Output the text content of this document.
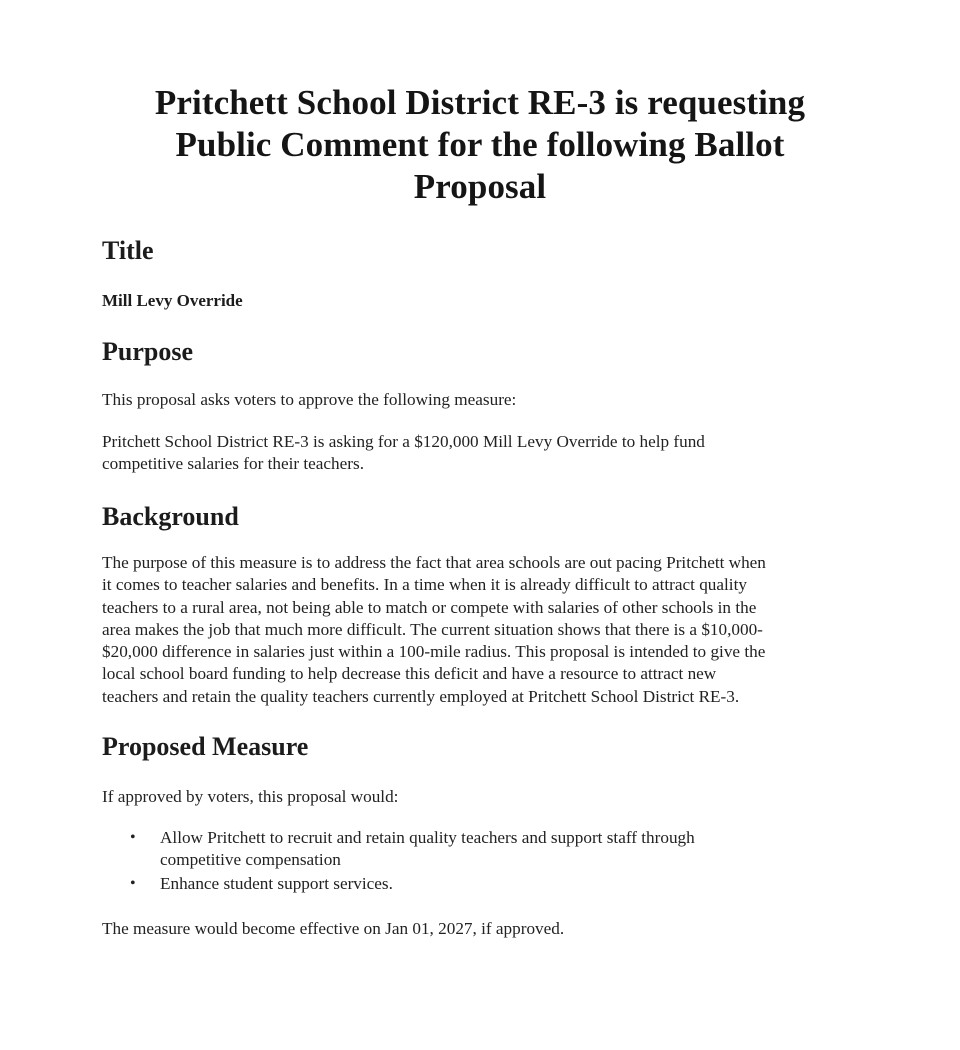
Pritchett School District RE-3 is requesting
Public Comment for the following Ballot
Proposal
Title

Mill Levy Override

Purpose

This proposal asks voters to approve the following measure:

Pritchett School District RE-3 is asking for a $120,000 Mill Levy Override to help fund
competitive salaries for their teachers.

Background

The purpose of this measure is to address the fact that area schools are out pacing Pritchett when
it comes to teacher salaries and benefits. In a time when it is already difficult to attract quality
teachers to a rural area, not being able to match or compete with salaries of other schools in the
area makes the job that much more difficult. The current situation shows that there is a $10,000-
$20,000 difference in salaries just within a 100-mile radius. This proposal is intended to give the
local school board funding to help decrease this deficit and have a resource to attract new
teachers and retain the quality teachers currently employed at Pritchett School District RE-3.

Proposed Measure

If approved by voters, this proposal would:

• Allow Pritchett to recruit and retain quality teachers and support staff through
competitive compensation
• Enhance student support services.

The measure would become effective on Jan 01, 2027, if approved.
